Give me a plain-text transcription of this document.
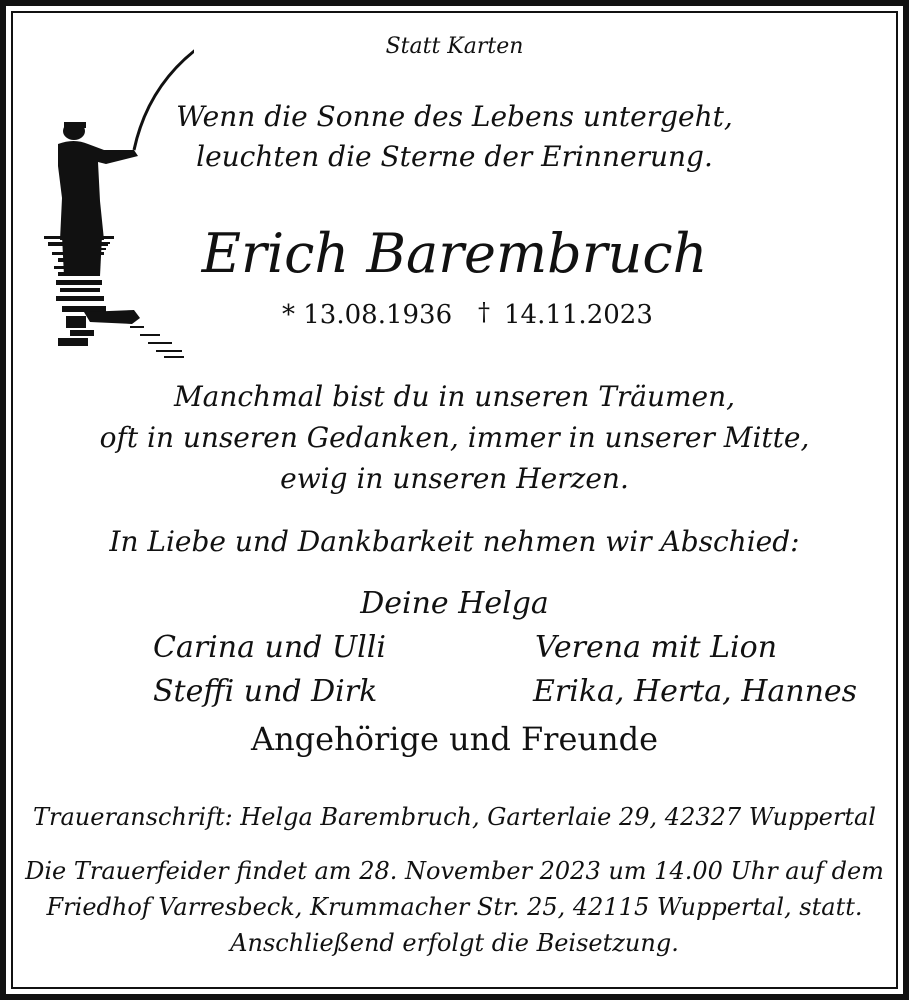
Statt Karten

Wenn die Sonne des Lebens untergeht,

leuchten die Sterne der Erinnerung.

Erich Barembruch

* 13.08.1936 † 14.11.2023

Manchmal bist du in unseren Träumen,

oft in unseren Gedanken, immer in unserer Mitte,

ewig in unseren Herzen.

In Liebe und Dankbarkeit nehmen wir Abschied:

Deine Helga

Carina und Ulli	Verena mit Lion
Steffi und Dirk	Erika, Herta, Hannes

Angehörige und Freunde

Traueranschrift: Helga Barembruch, Garterlaie 29, 42327 Wuppertal

Die Trauerfeider findet am 28. November 2023 um 14.00 Uhr auf dem

Friedhof Varresbeck, Krummacher Str. 25, 42115 Wuppertal, statt.

Anschließend erfolgt die Beisetzung.
